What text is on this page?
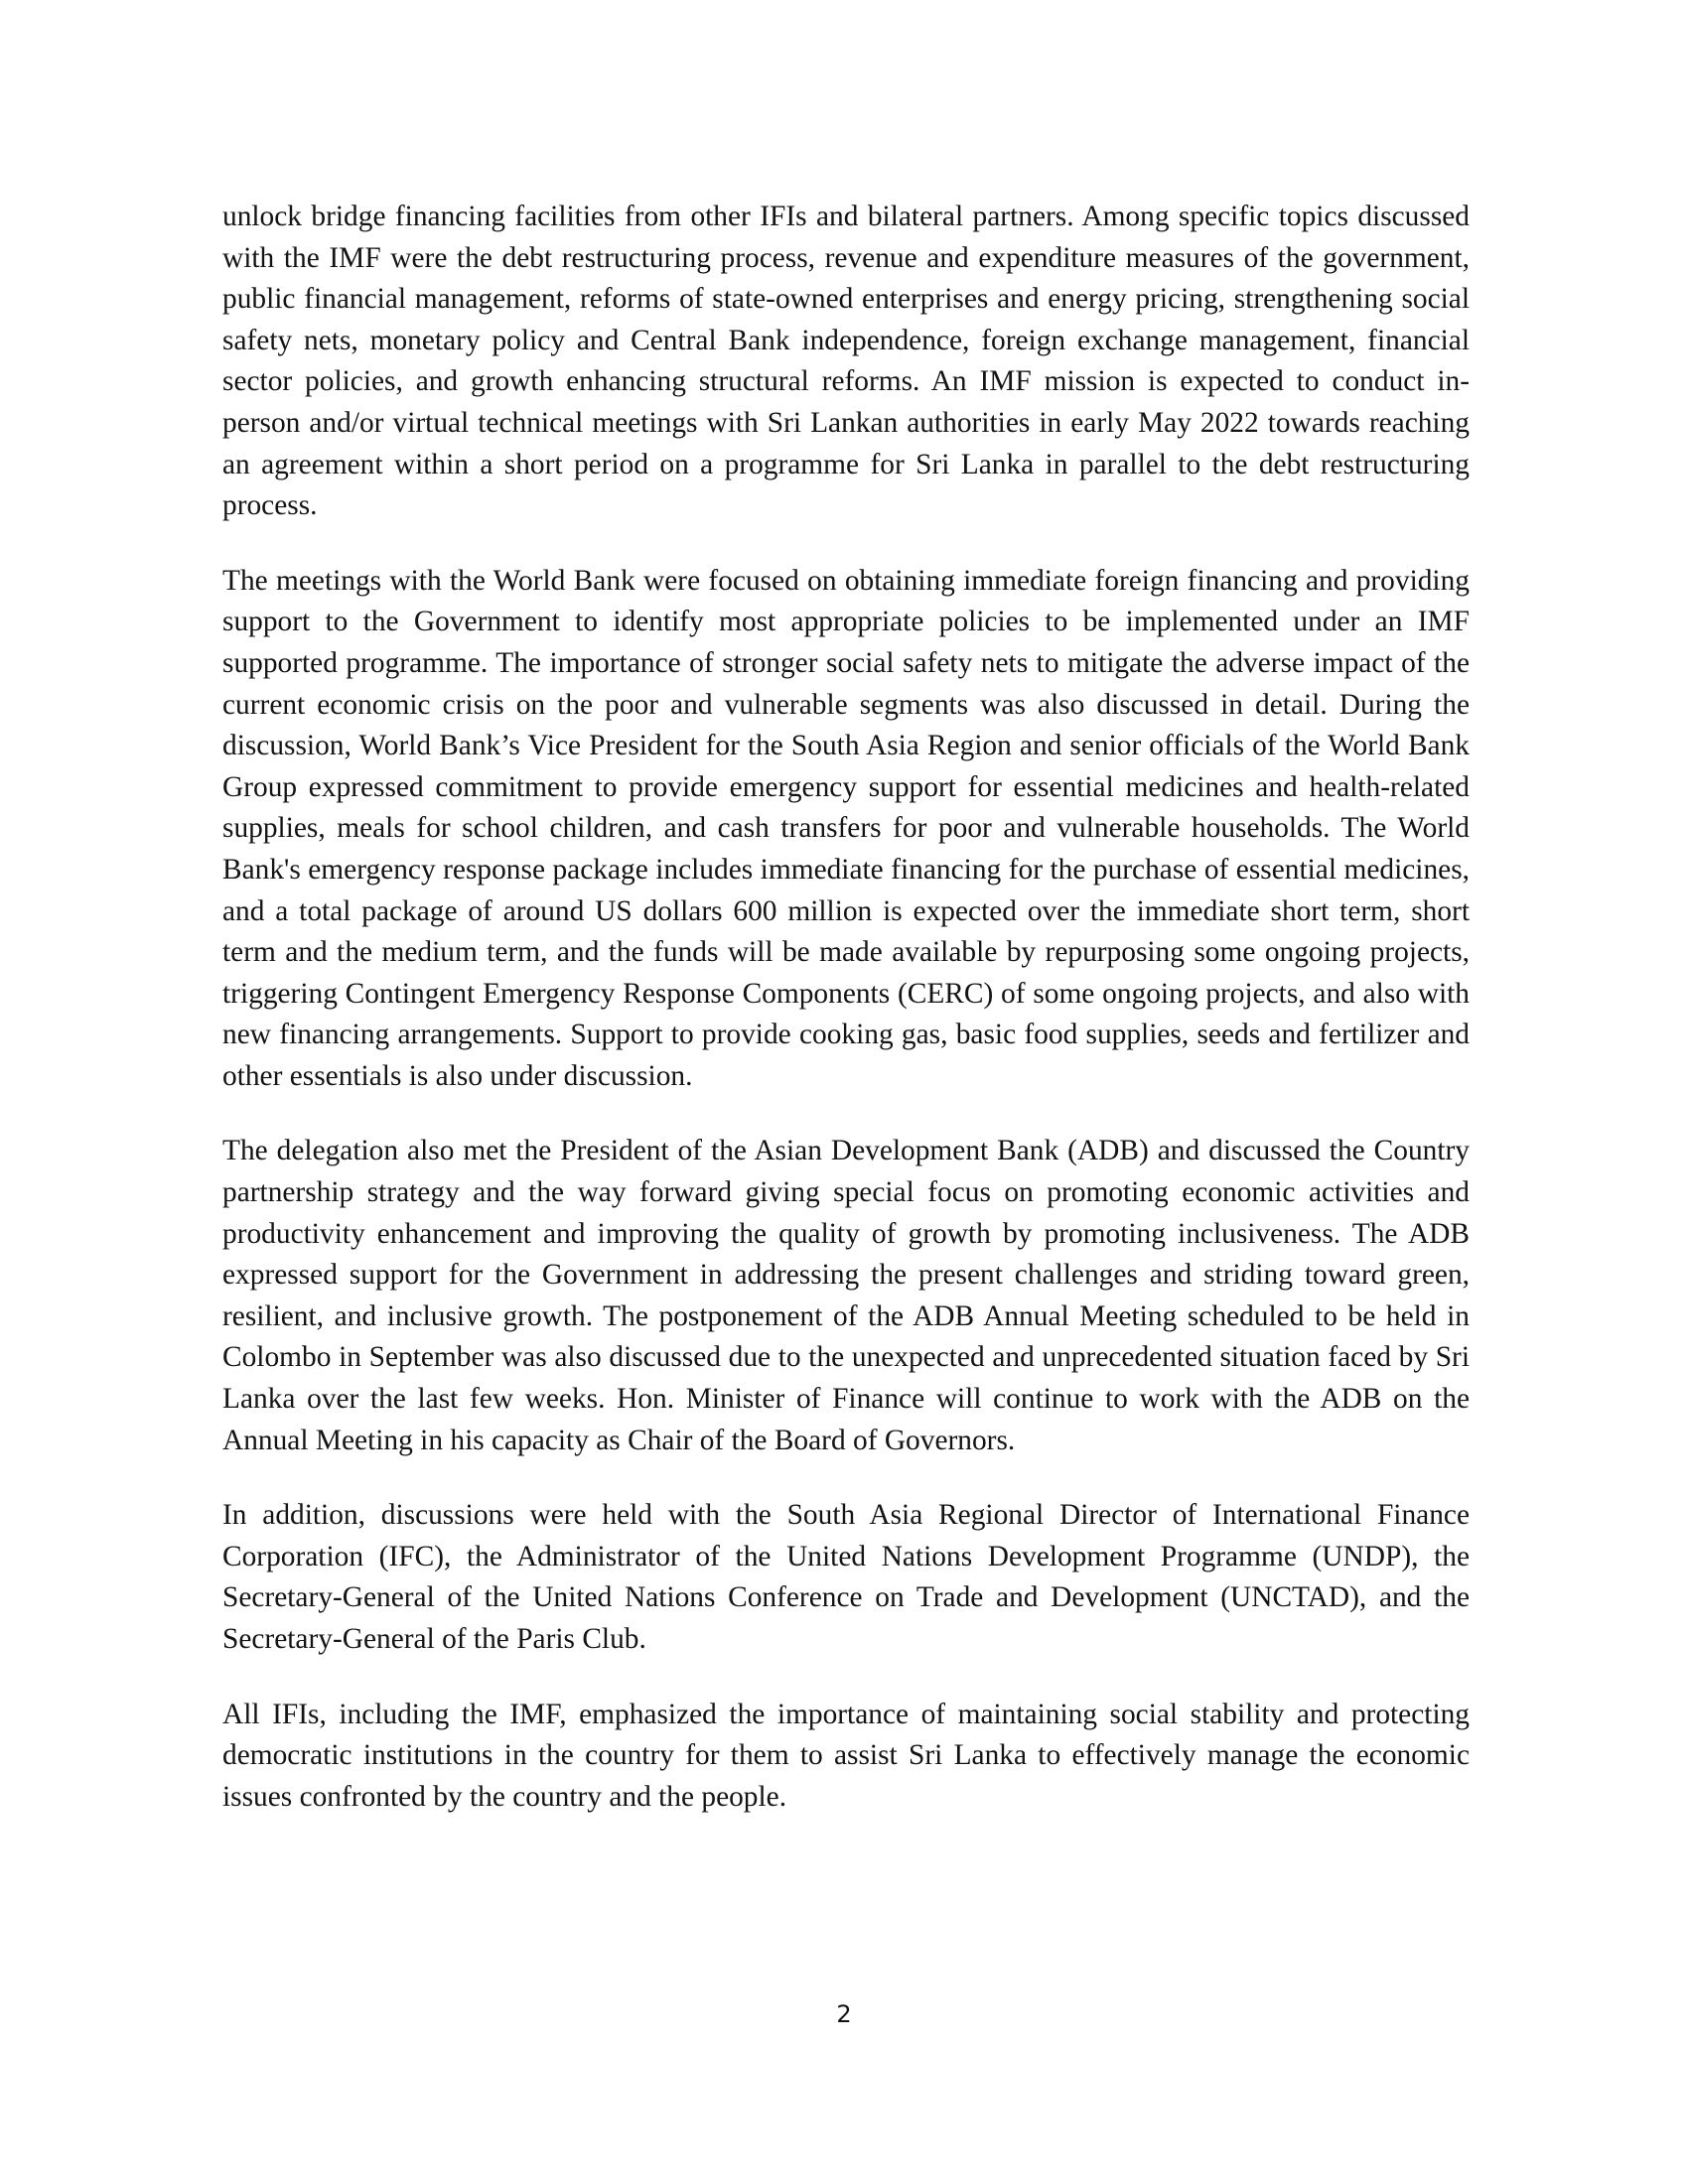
unlock bridge financing facilities from other IFIs and bilateral partners. Among specific topics discussed with the IMF were the debt restructuring process, revenue and expenditure measures of the government, public financial management, reforms of state-owned enterprises and energy pricing, strengthening social safety nets, monetary policy and Central Bank independence, foreign exchange management, financial sector policies, and growth enhancing structural reforms. An IMF mission is expected to conduct in-person and/or virtual technical meetings with Sri Lankan authorities in early May 2022 towards reaching an agreement within a short period on a programme for Sri Lanka in parallel to the debt restructuring process.

The meetings with the World Bank were focused on obtaining immediate foreign financing and providing support to the Government to identify most appropriate policies to be implemented under an IMF supported programme. The importance of stronger social safety nets to mitigate the adverse impact of the current economic crisis on the poor and vulnerable segments was also discussed in detail. During the discussion, World Bank’s Vice President for the South Asia Region and senior officials of the World Bank Group expressed commitment to provide emergency support for essential medicines and health-related supplies, meals for school children, and cash transfers for poor and vulnerable households. The World Bank's emergency response package includes immediate financing for the purchase of essential medicines, and a total package of around US dollars 600 million is expected over the immediate short term, short term and the medium term, and the funds will be made available by repurposing some ongoing projects, triggering Contingent Emergency Response Components (CERC) of some ongoing projects, and also with new financing arrangements. Support to provide cooking gas, basic food supplies, seeds and fertilizer and other essentials is also under discussion.

The delegation also met the President of the Asian Development Bank (ADB) and discussed the Country partnership strategy and the way forward giving special focus on promoting economic activities and productivity enhancement and improving the quality of growth by promoting inclusiveness. The ADB expressed support for the Government in addressing the present challenges and striding toward green, resilient, and inclusive growth. The postponement of the ADB Annual Meeting scheduled to be held in Colombo in September was also discussed due to the unexpected and unprecedented situation faced by Sri Lanka over the last few weeks. Hon. Minister of Finance will continue to work with the ADB on the Annual Meeting in his capacity as Chair of the Board of Governors.

In addition, discussions were held with the South Asia Regional Director of International Finance Corporation (IFC), the Administrator of the United Nations Development Programme (UNDP), the Secretary-General of the United Nations Conference on Trade and Development (UNCTAD), and the Secretary-General of the Paris Club.

All IFIs, including the IMF, emphasized the importance of maintaining social stability and protecting democratic institutions in the country for them to assist Sri Lanka to effectively manage the economic issues confronted by the country and the people.

2
